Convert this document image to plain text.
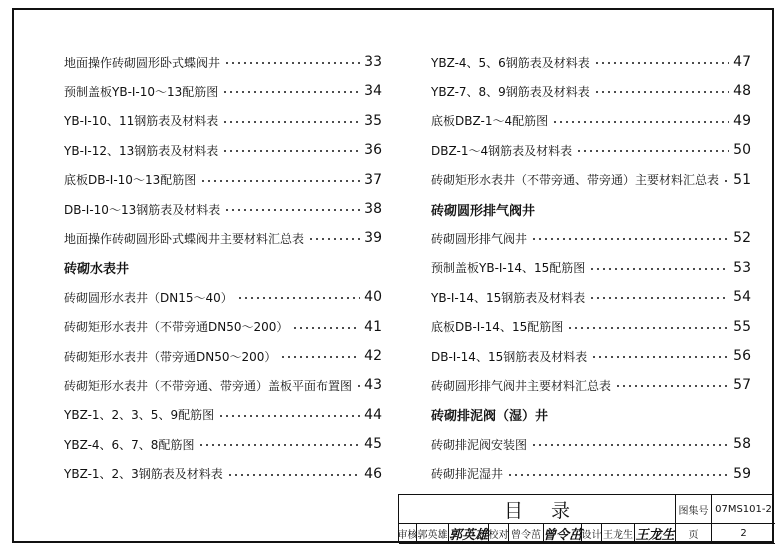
地面操作砖砌圆形卧式蝶阀井	33
预制盖板YB-Ⅰ-10～13配筋图	34
YB-Ⅰ-10、11钢筋表及材料表	35
YB-Ⅰ-12、13钢筋表及材料表	36
底板DB-Ⅰ-10～13配筋图	37
DB-Ⅰ-10～13钢筋表及材料表	38
地面操作砖砌圆形卧式蝶阀井主要材料汇总表	39
砖砌水表井
砖砌圆形水表井（DN15～40）	40
砖砌矩形水表井（不带旁通DN50～200）	41
砖砌矩形水表井（带旁通DN50～200）	42
砖砌矩形水表井（不带旁通、带旁通）盖板平面布置图 43
YBZ-1、2、3、5、9配筋图	44
YBZ-4、6、7、8配筋图	45
YBZ-1、2、3钢筋表及材料表	46
YBZ-4、5、6钢筋表及材料表	47
YBZ-7、8、9钢筋表及材料表	48
底板DBZ-1～4配筋图	49
DBZ-1～4钢筋表及材料表	50
砖砌矩形水表井（不带旁通、带旁通）主要材料汇总表 51
砖砌圆形排气阀井
砖砌圆形排气阀井	52
预制盖板YB-Ⅰ-14、15配筋图	53
YB-Ⅰ-14、15钢筋表及材料表	54
底板DB-Ⅰ-14、15配筋图	55
DB-Ⅰ-14、15钢筋表及材料表	56
砖砌圆形排气阀井主要材料汇总表	57
砖砌排泥阀（湿）井
砖砌排泥阀安装图	58
砖砌排泥湿井	59
目录	图集号 07MS101-2
审核 郭英雄 郭英雄 校对 曾令茁 曾令茁 设计 王龙生 王龙生	页	2
